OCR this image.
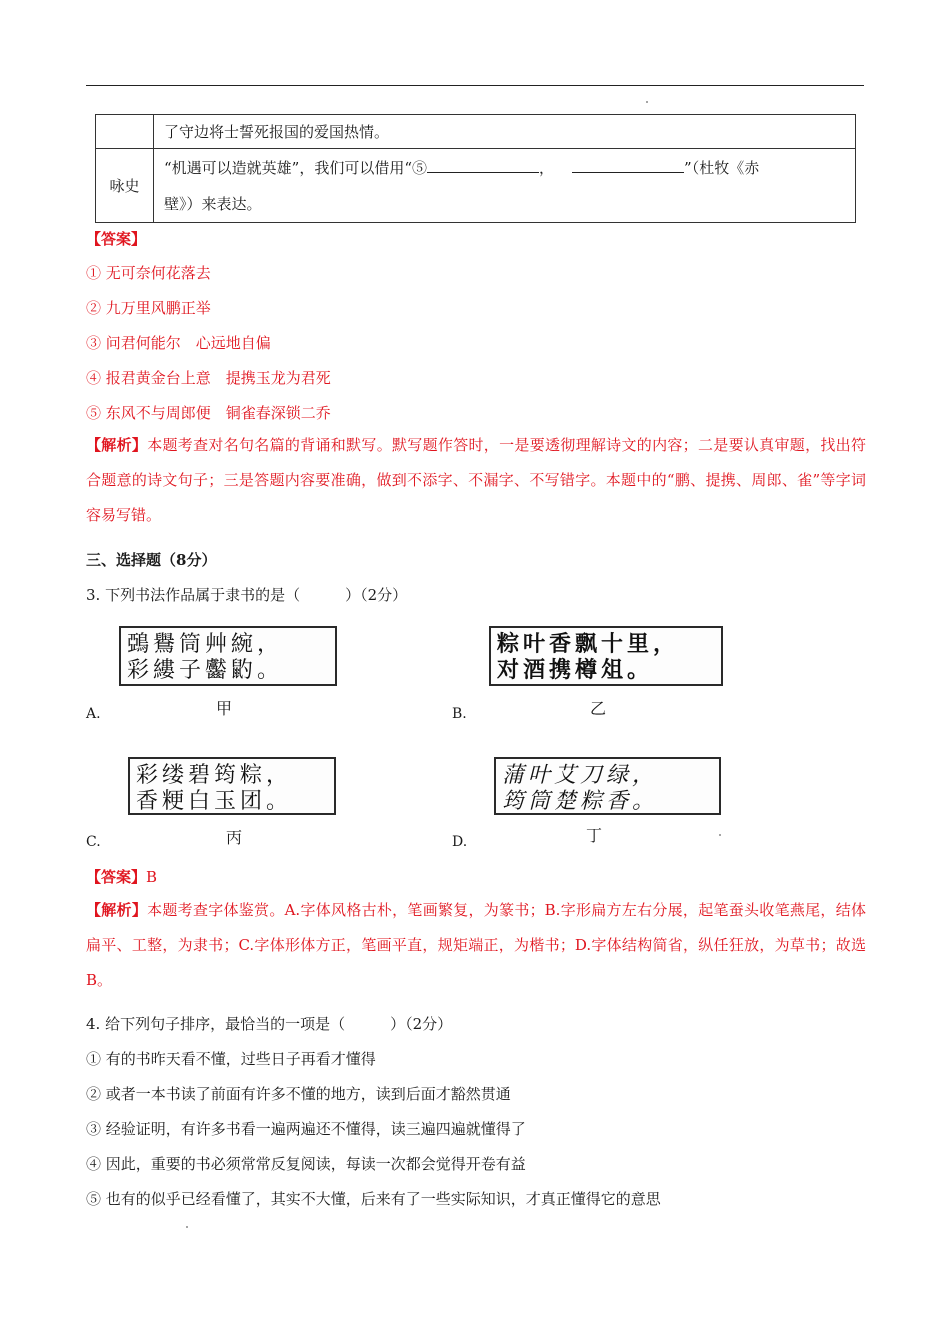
	了守边将士誓死报国的爱国热情。
咏史	“机遇可以造就英雄”，我们可以借用“⑤ ， ”（杜牧《赤
壁》）来表达。
【答案】
① 无可奈何花落去
② 九万里风鹏正举
③ 问君何能尔　心远地自偏
④ 报君黄金台上意　提携玉龙为君死
⑤ 东风不与周郎便　铜雀春深锁二乔
【解析】本题考查对名句名篇的背诵和默写。默写题作答时，一是要透彻理解诗文的内容；二是要认真审题，找出符合题意的诗文句子；三是答题内容要准确，做到不添字、不漏字、不写错字。本题中的“鹏、提携、周郎、雀”等字词容易写错。
三、选择题（8分）
3. 下列书法作品属于隶书的是（　　　）（2分）
鵶鸒筒艸綩，
彩縷子齾䶂。
甲
A.
粽叶香飘十里，
对酒携樽俎。
乙
B.
彩缕碧筠粽，
香粳白玉团。
丙
C.
蒲叶艾刀绿，
筠筒楚粽香。
丁
D.
【答案】B
【解析】本题考查字体鉴赏。A.字体风格古朴，笔画繁复，为篆书；B.字形扁方左右分展，起笔蚕头收笔燕尾，结体扁平、工整，为隶书；C.字体形体方正，笔画平直，规矩端正，为楷书；D.字体结构简省，纵任狂放，为草书；故选B。
4. 给下列句子排序，最恰当的一项是（　　　）（2分）
① 有的书昨天看不懂，过些日子再看才懂得
② 或者一本书读了前面有许多不懂的地方，读到后面才豁然贯通
③ 经验证明，有许多书看一遍两遍还不懂得，读三遍四遍就懂得了
④ 因此，重要的书必须常常反复阅读，每读一次都会觉得开卷有益
⑤ 也有的似乎已经看懂了，其实不大懂，后来有了一些实际知识，才真正懂得它的意思
